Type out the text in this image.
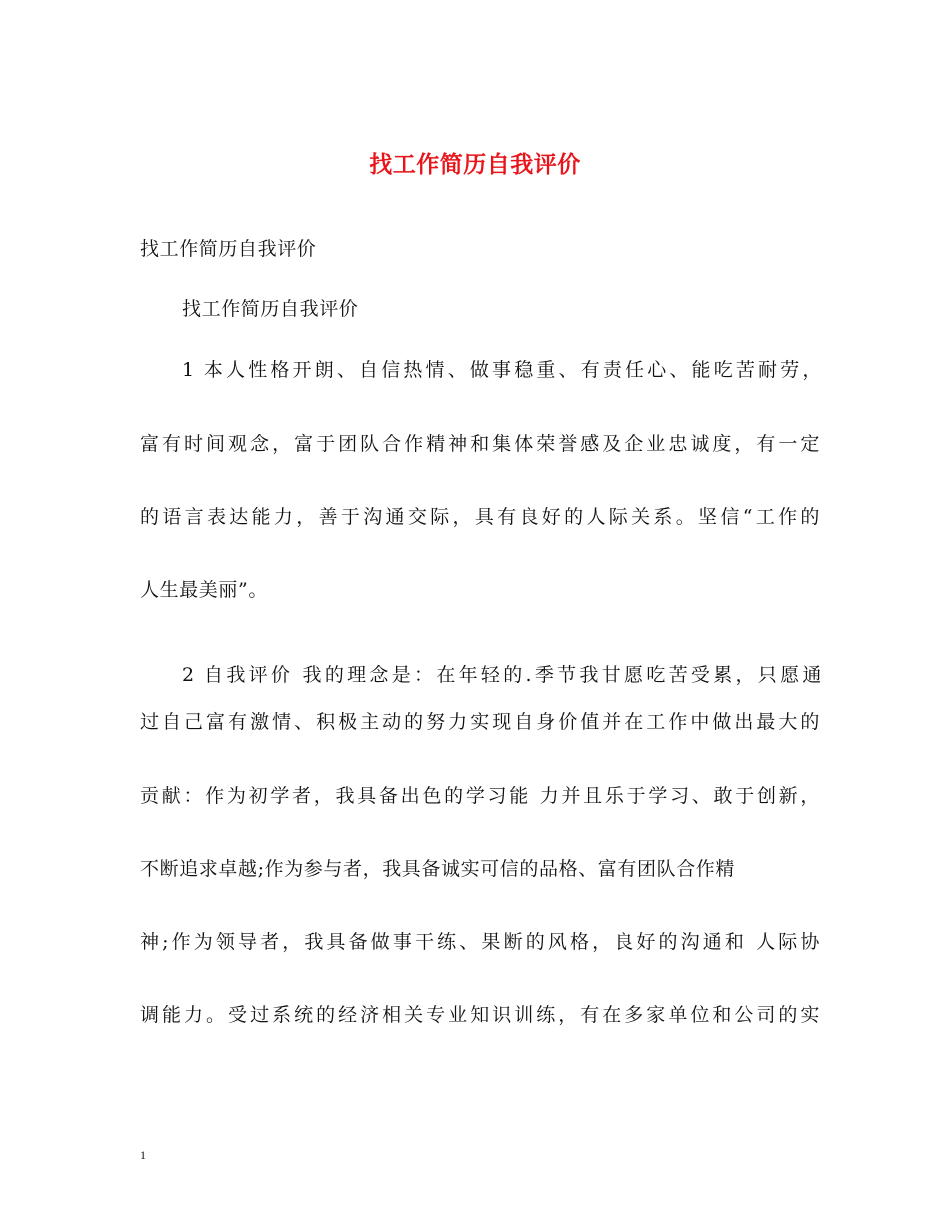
找工作简历自我评价
找工作简历自我评价
找工作简历自我评价
1 本人性格开朗、自信热情、做事稳重、有责任心、能吃苦耐劳，
富有时间观念，富于团队合作精神和集体荣誉感及企业忠诚度，有一定
的语言表达能力，善于沟通交际，具有良好的人际关系。坚信“工作的
人生最美丽”。
2 自我评价 我的理念是：在年轻的.季节我甘愿吃苦受累，只愿通
过自己富有激情、积极主动的努力实现自身价值并在工作中做出最大的
贡献：作为初学者，我具备出色的学习能 力并且乐于学习、敢于创新，
不断追求卓越;作为参与者，我具备诚实可信的品格、富有团队合作精
神;作为领导者，我具备做事干练、果断的风格，良好的沟通和 人际协
调能力。受过系统的经济相关专业知识训练，有在多家单位和公司的实
1
